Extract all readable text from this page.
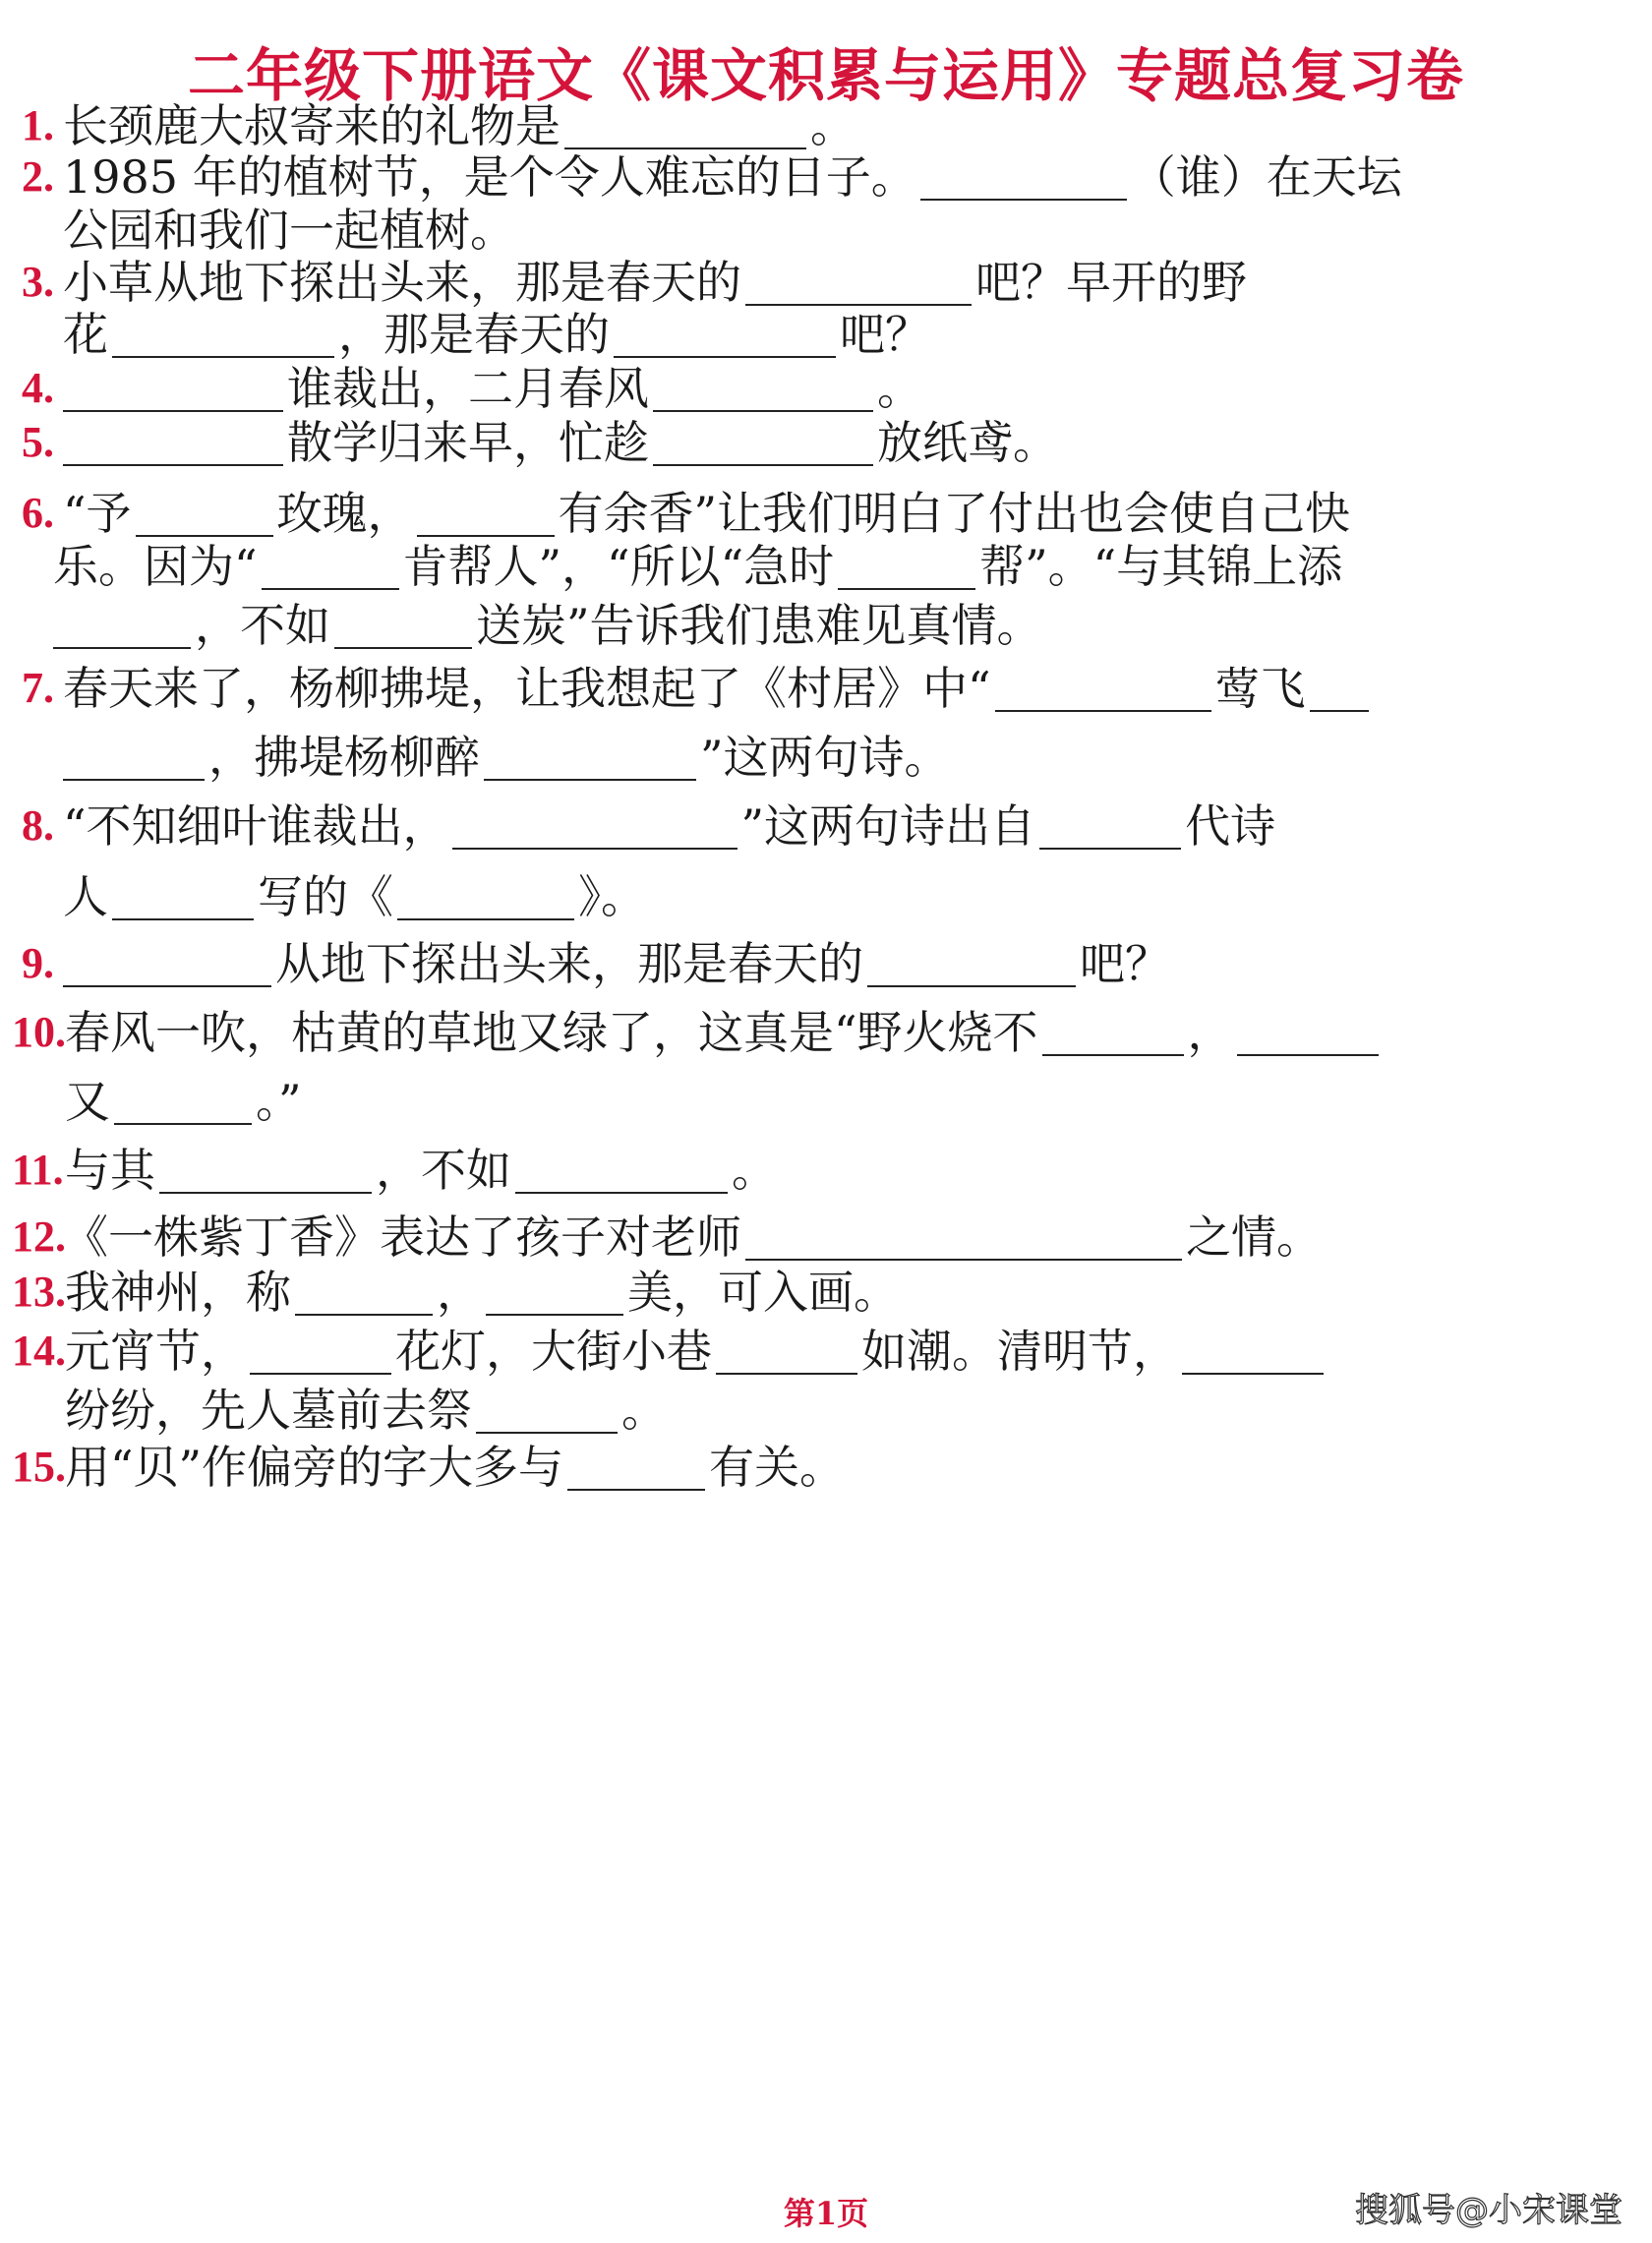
二年级下册语文《课文积累与运用》专题总复习卷
1. 长颈鹿大叔寄来的礼物是	。
2. 1985 年的植树节，是个令人难忘的日子。	（谁）在天坛
公园和我们一起植树。
3. 小草从地下探出头来，那是春天的	吧？早开的野
花	，那是春天的	吧？
4.	谁裁出，二月春风	。
5.	散学归来早，忙趁	放纸鸢。
6. “予	玫瑰，	有余香”让我们明白了付出也会使自己快
乐。因为“	肯帮人”，“所以“急时	帮”。“与其锦上添
，不如	送炭”告诉我们患难见真情。
7. 春天来了，杨柳拂堤，让我想起了《村居》中“	莺飞
，拂堤杨柳醉	”这两句诗。
8. “不知细叶谁裁出，	”这两句诗出自	代诗
人	写的《	》。
9.	从地下探出头来，那是春天的	吧？
10. 春风一吹，枯黄的草地又绿了，这真是“野火烧不	，
又	。”
11. 与其	，不如	。
12.
《一株紫丁香》表达了孩子对老师	之情。
13. 我神州，称	，	美，可入画。
14. 元宵节，	花灯，大街小巷	如潮。清明节，
纷纷，先人墓前去祭	。
15. 用“贝”作偏旁的字大多与	有关。
第1页	搜狐号@小宋课堂
